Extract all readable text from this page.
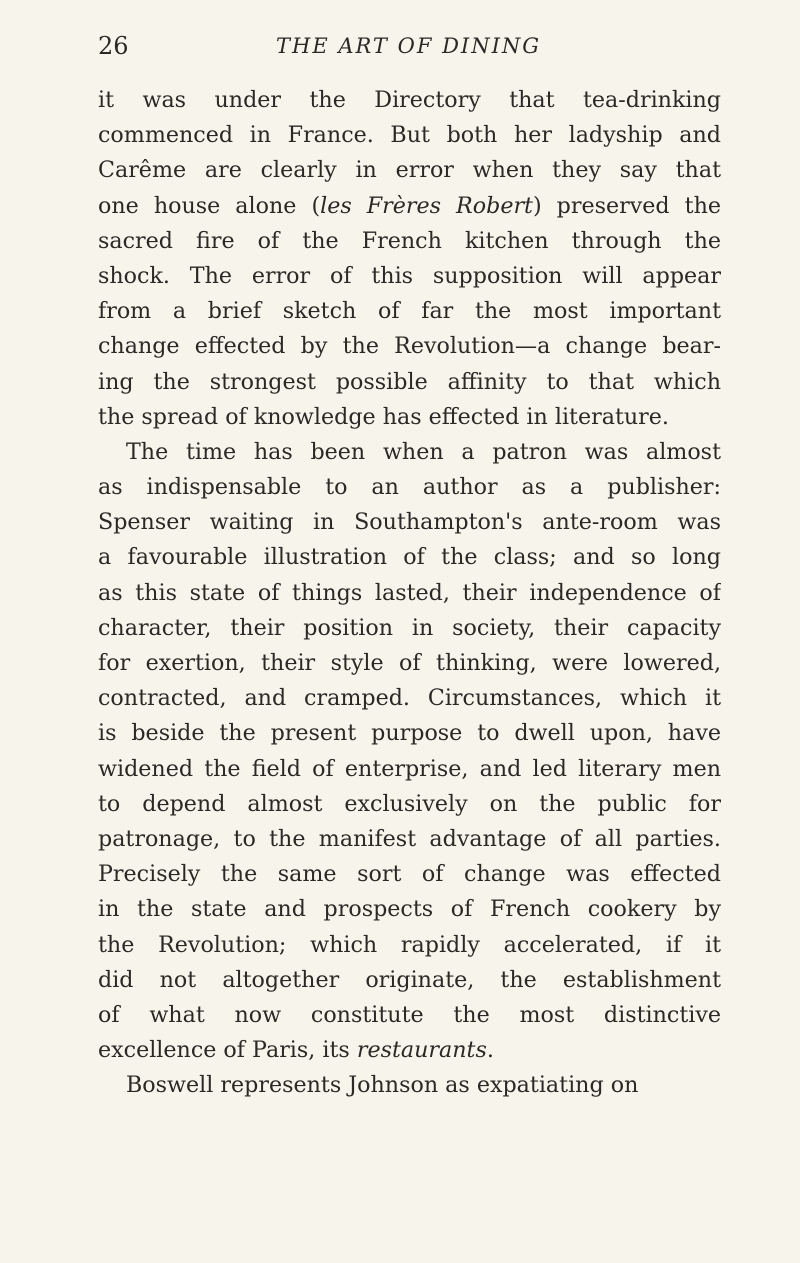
26	THE ART OF DINING
it was under the Directory that tea-drinking
commenced in France. But both her ladyship and
Carême are clearly in error when they say that
one house alone (les Frères Robert) preserved the
sacred fire of the French kitchen through the
shock. The error of this supposition will appear
from a brief sketch of far the most important
change effected by the Revolution—a change bear-
ing the strongest possible affinity to that which
the spread of knowledge has effected in literature.
The time has been when a patron was almost
as indispensable to an author as a publisher:
Spenser waiting in Southampton's ante-room was
a favourable illustration of the class; and so long
as this state of things lasted, their independence of
character, their position in society, their capacity
for exertion, their style of thinking, were lowered,
contracted, and cramped. Circumstances, which it
is beside the present purpose to dwell upon, have
widened the field of enterprise, and led literary men
to depend almost exclusively on the public for
patronage, to the manifest advantage of all parties.
Precisely the same sort of change was effected
in the state and prospects of French cookery by
the Revolution; which rapidly accelerated, if it
did not altogether originate, the establishment
of what now constitute the most distinctive
excellence of Paris, its restaurants.
Boswell represents Johnson as expatiating on
